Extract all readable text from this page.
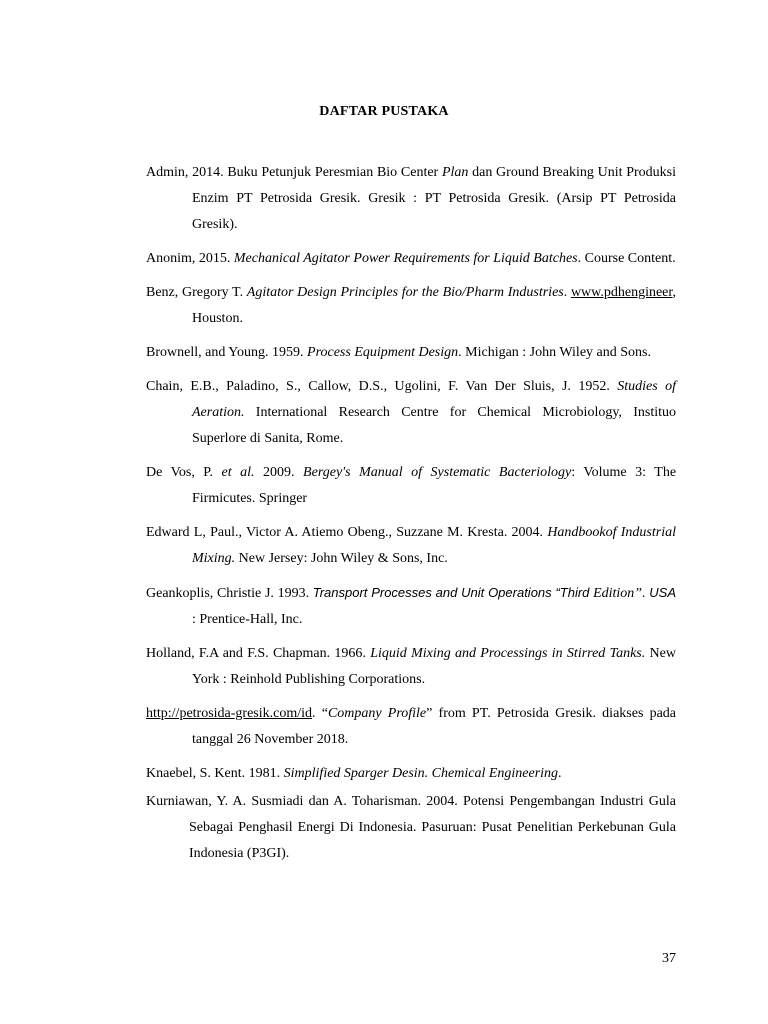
DAFTAR PUSTAKA

Admin, 2014. Buku Petunjuk Peresmian Bio Center Plan dan Ground Breaking Unit Produksi Enzim PT Petrosida Gresik. Gresik : PT Petrosida Gresik. (Arsip PT Petrosida Gresik).

Anonim, 2015. Mechanical Agitator Power Requirements for Liquid Batches. Course Content.

Benz, Gregory T. Agitator Design Principles for the Bio/Pharm Industries. www.pdhengineer, Houston.

Brownell, and Young. 1959. Process Equipment Design. Michigan : John Wiley and Sons.

Chain, E.B., Paladino, S., Callow, D.S., Ugolini, F. Van Der Sluis, J. 1952. Studies of Aeration. International Research Centre for Chemical Microbiology, Instituo Superlore di Sanita, Rome.

De Vos, P. et al. 2009. Bergey's Manual of Systematic Bacteriology: Volume 3: The Firmicutes. Springer

Edward L, Paul., Victor A. Atiemo Obeng., Suzzane M. Kresta. 2004. Handbookof Industrial Mixing. New Jersey: John Wiley & Sons, Inc.

Geankoplis, Christie J. 1993. Transport Processes and Unit Operations “Third Edition”. USA : Prentice-Hall, Inc.

Holland, F.A and F.S. Chapman. 1966. Liquid Mixing and Processings in Stirred Tanks. New York : Reinhold Publishing Corporations.

http://petrosida-gresik.com/id. “Company Profile” from PT. Petrosida Gresik. diakses pada tanggal 26 November 2018.

Knaebel, S. Kent. 1981. Simplified Sparger Desin. Chemical Engineering.

Kurniawan, Y. A. Susmiadi dan A. Toharisman. 2004. Potensi Pengembangan Industri Gula Sebagai Penghasil Energi Di Indonesia. Pasuruan: Pusat Penelitian Perkebunan Gula Indonesia (P3GI).

37
